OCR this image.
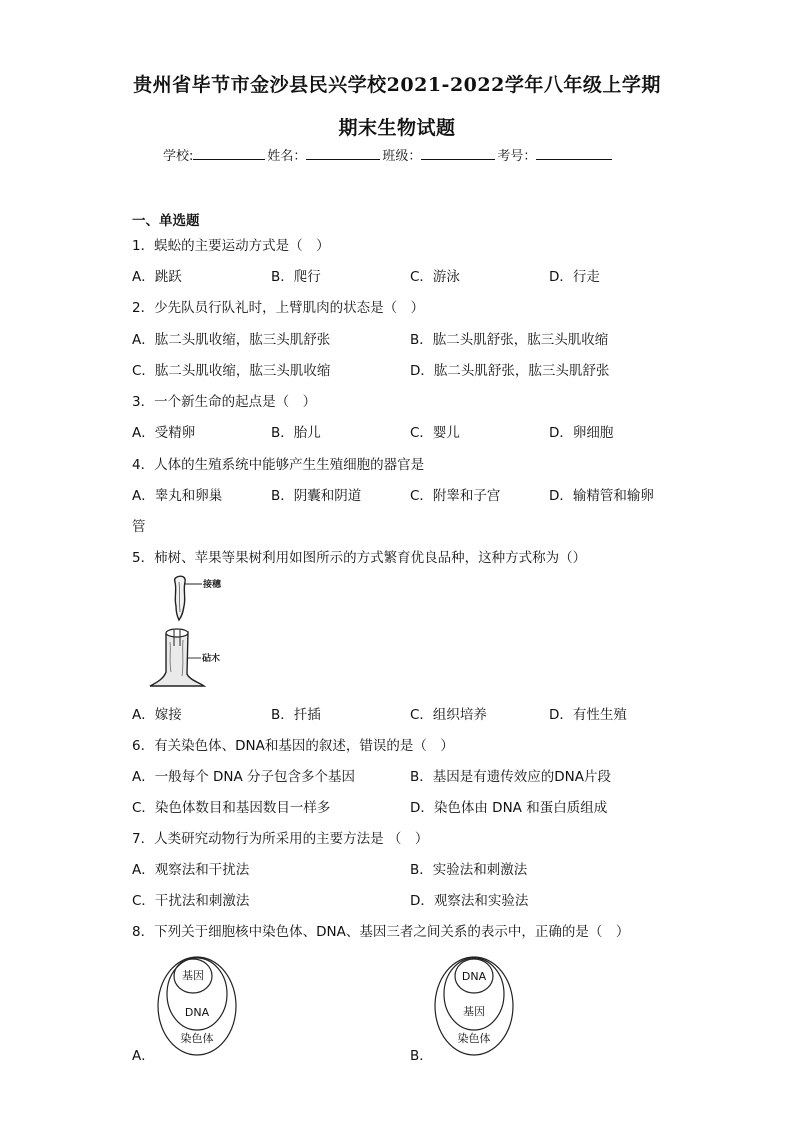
贵州省毕节市金沙县民兴学校2021-2022学年八年级上学期
期末生物试题
学校:	姓名：	班级：	考号：
一、单选题
1．蜈蚣的主要运动方式是（　）
A．跳跃	B．爬行	C．游泳	D．行走
2．少先队员行队礼时，上臂肌肉的状态是（　）
A．肱二头肌收缩，肱三头肌舒张	B．肱二头肌舒张，肱三头肌收缩
C．肱二头肌收缩，肱三头肌收缩	D．肱二头肌舒张，肱三头肌舒张
3．一个新生命的起点是（　）
A．受精卵	B．胎儿	C．婴儿	D．卵细胞
4．人体的生殖系统中能够产生生殖细胞的器官是
A．睾丸和卵巢	B．阴囊和阴道	C．附睾和子宫	D．输精管和输卵
管
5．柿树、苹果等果树利用如图所示的方式繁育优良品种，这种方式称为（）
接穗
砧木
A．嫁接	B．扦插	C．组织培养	D．有性生殖
6．有关染色体、DNA和基因的叙述，错误的是（　）
A．一般每个 DNA 分子包含多个基因	B．基因是有遗传效应的DNA片段
C．染色体数目和基因数目一样多	D．染色体由 DNA 和蛋白质组成
7．人类研究动物行为所采用的主要方法是 （　）
A．观察法和干扰法	B．实验法和刺激法
C．干扰法和刺激法	D．观察法和实验法
8．下列关于细胞核中染色体、DNA、基因三者之间关系的表示中，正确的是（　）
基因
DNA
染色体
A．
DNA
基因
染色体
B．
